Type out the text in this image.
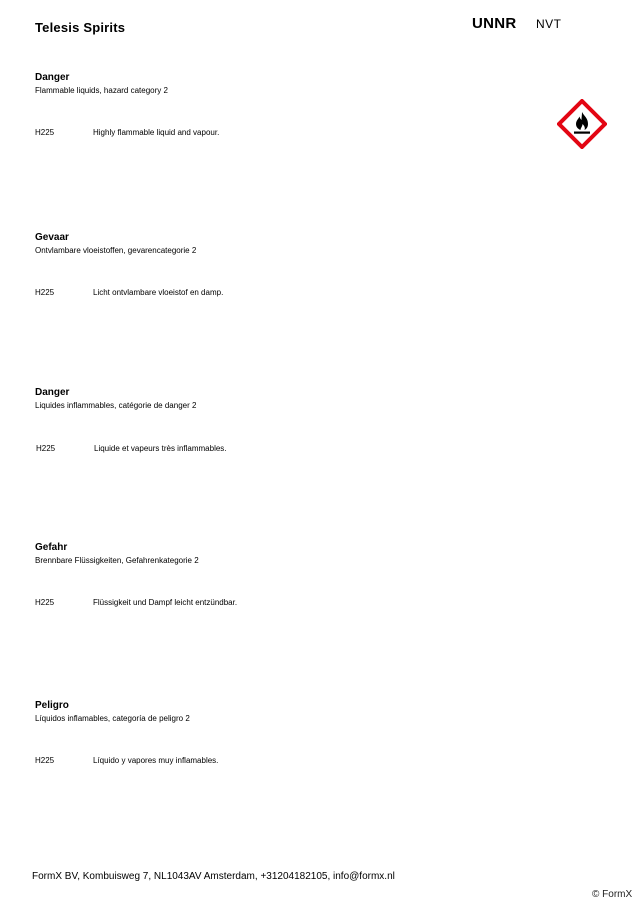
Telesis Spirits	UNNR NVT
Danger
Flammable liquids, hazard category 2
H225	Highly flammable liquid and vapour.
Gevaar
Ontvlambare vloeistoffen, gevarencategorie 2
H225	Licht ontvlambare vloeistof en damp.
Danger
Liquides inflammables, catégorie de danger 2
H225	Liquide et vapeurs très inflammables.
Gefahr
Brennbare Flüssigkeiten, Gefahrenkategorie 2
H225	Flüssigkeit und Dampf leicht entzündbar.
Peligro
Líquidos inflamables, categoría de peligro 2
H225	Líquido y vapores muy inflamables.
FormX BV, Kombuisweg 7, NL1043AV Amsterdam, +31204182105, info@formx.nl
© FormX
